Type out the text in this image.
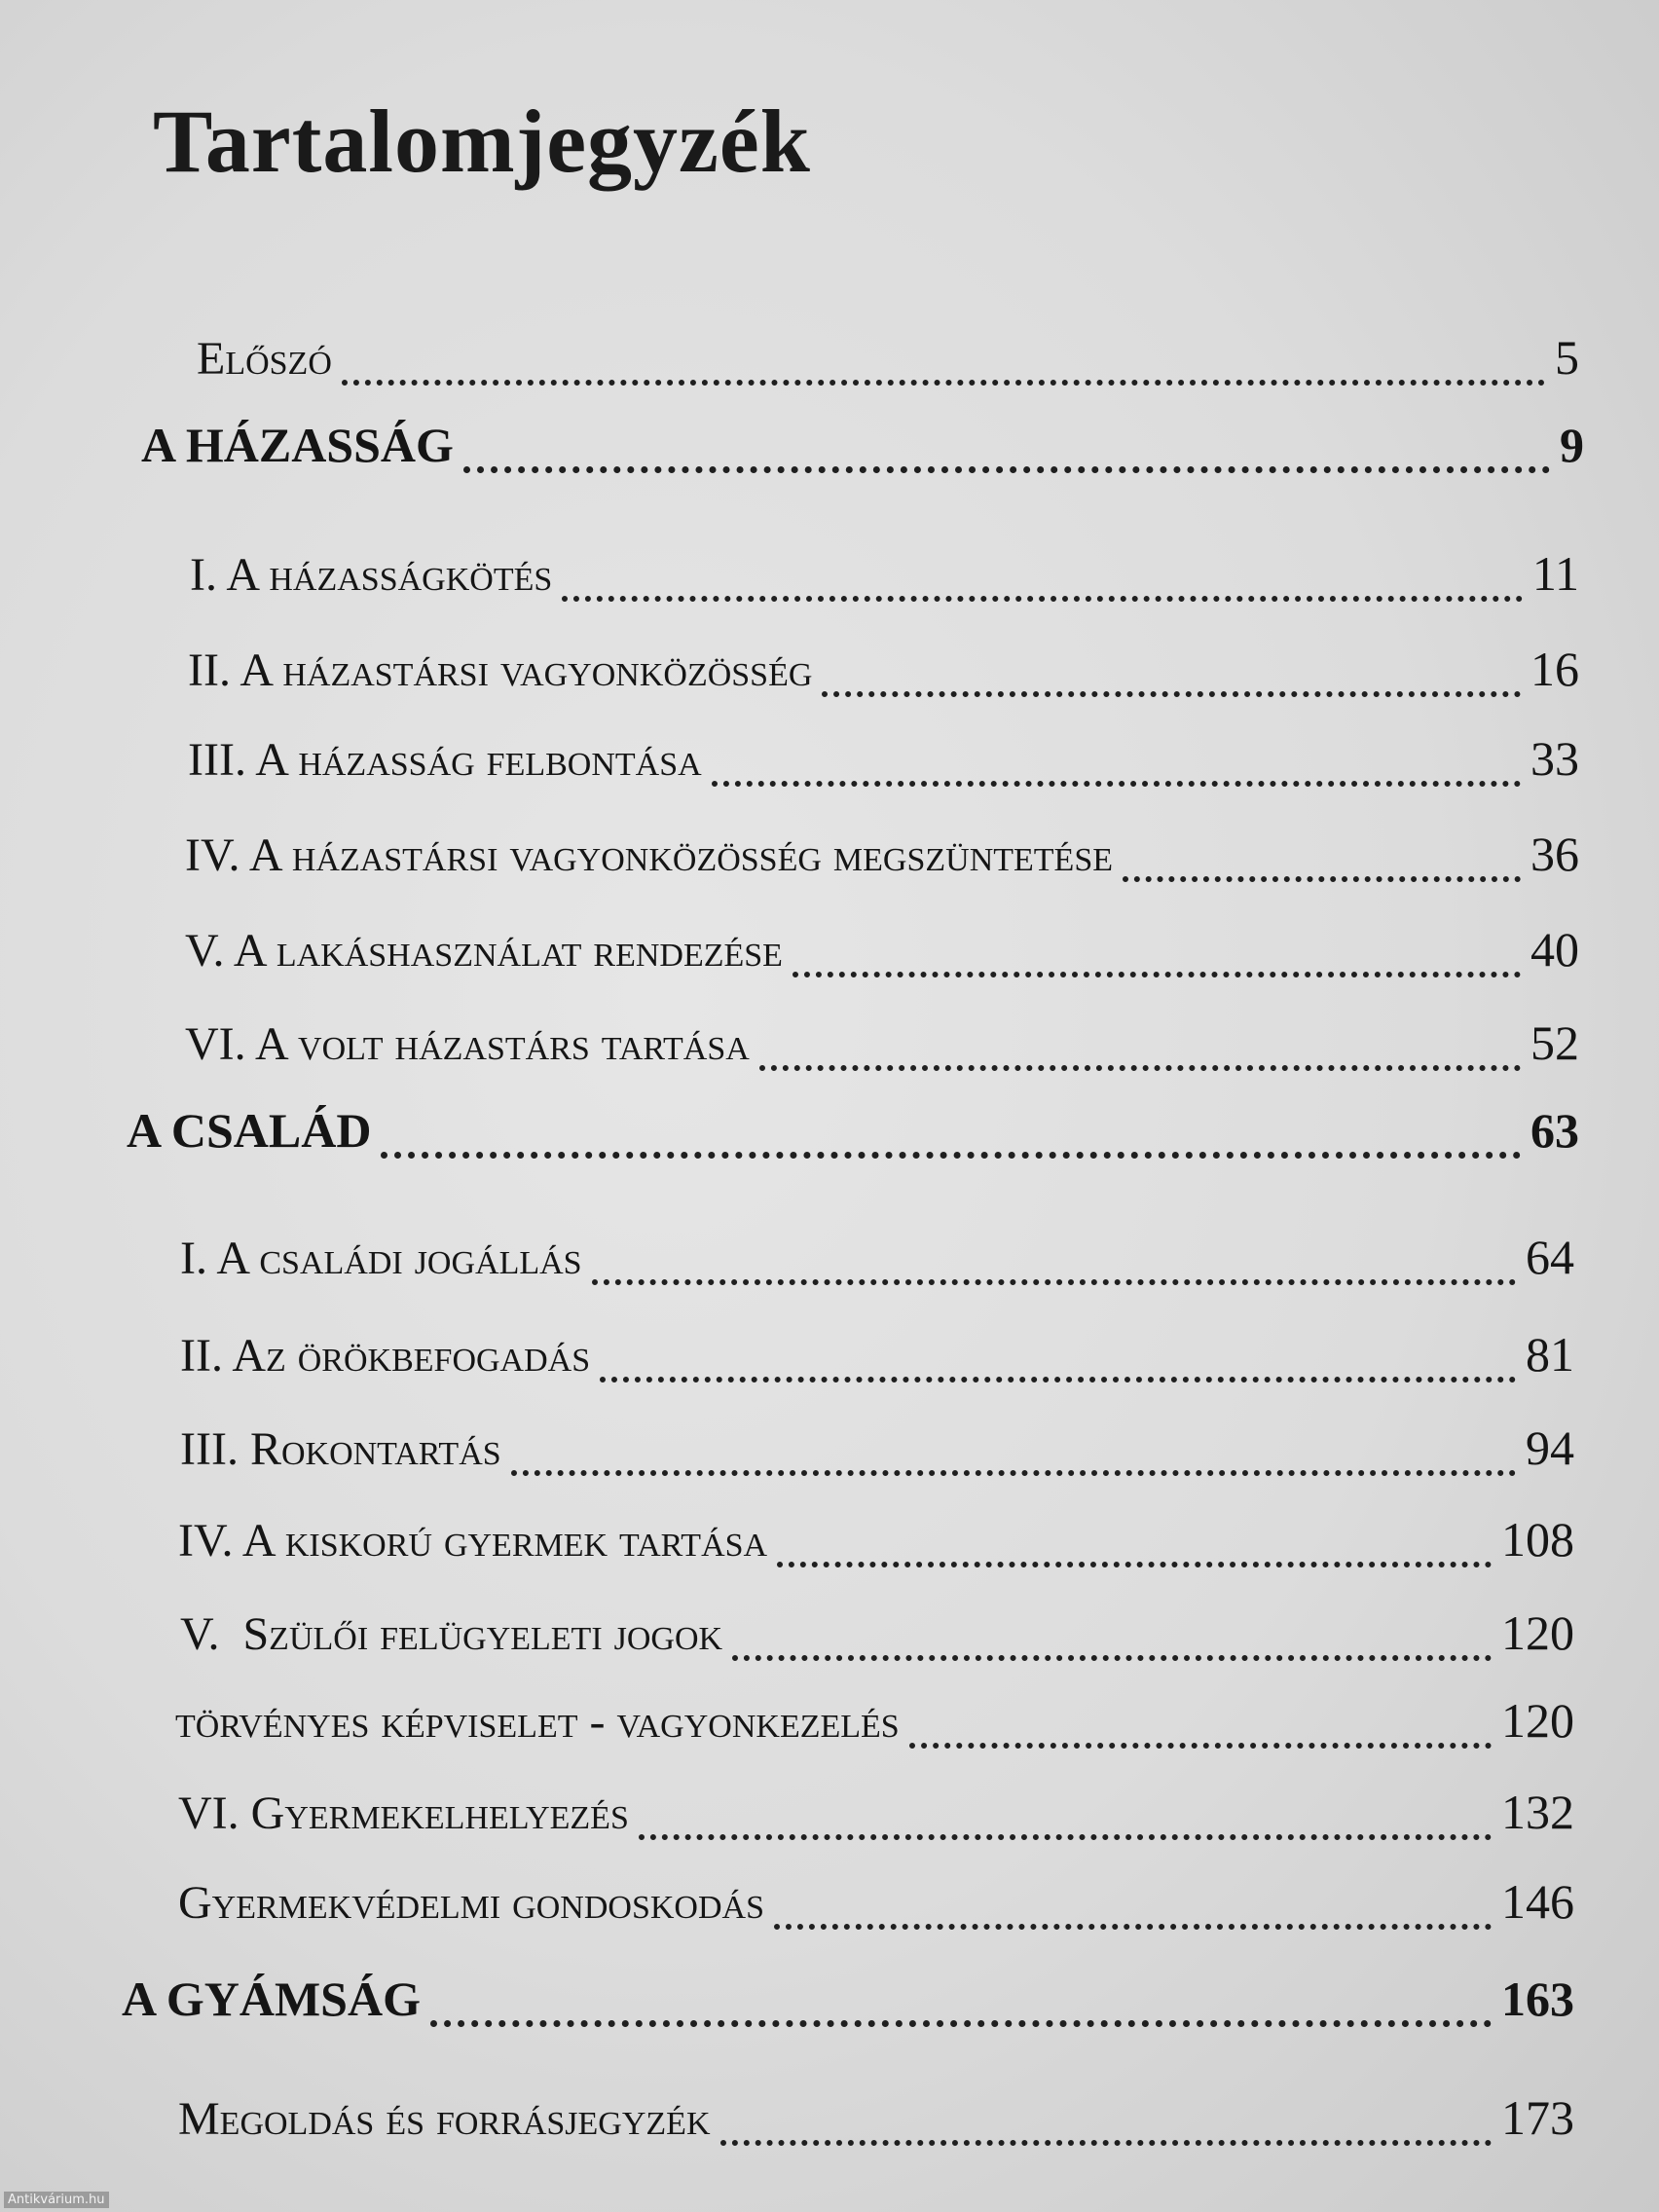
Tartalomjegyzék
Előszó	5
A HÁZASSÁG	9
I. A házasságkötés	11
II. A házastársi vagyonközösség	16
III. A házasság felbontása	33
IV. A házastársi vagyonközösség megszüntetése	36
V. A lakáshasználat rendezése	40
VI. A volt házastárs tartása	52
A CSALÁD	63
I. A családi jogállás	64
II. Az örökbefogadás	81
III. Rokontartás	94
IV. A kiskorú gyermek tartása	108
V.  Szülői felügyeleti jogok	120
törvényes képviselet - vagyonkezelés	120
VI. Gyermekelhelyezés	132
Gyermekvédelmi gondoskodás	146
A GYÁMSÁG	163
Megoldás és forrásjegyzék	173
Antikvárium.hu
